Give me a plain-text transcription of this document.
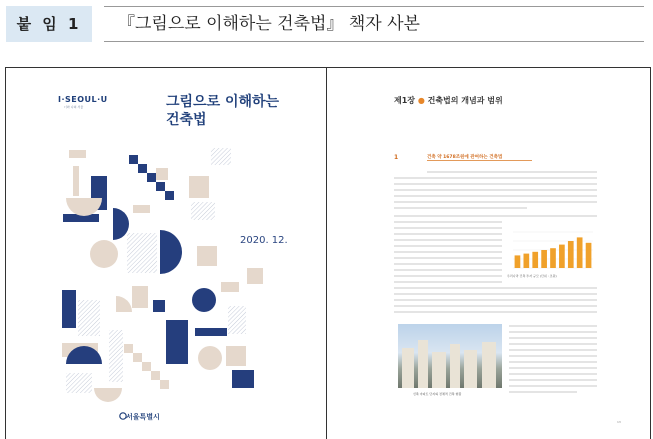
붙 임 1	『그림으로 이해하는 건축법』 책자 사본
I·SEOUL·U
너와 나의 서울	그림으로 이해하는
건축법
2020. 12.
서울특별시
제1장 ● 건축법의 개념과 범위
1	건축 약 1678조원에 관여하는 건축법
우리나라 건축 투자 규모 (단위 : 조원)
신축 아파트 단지의 전체적 건축 현황
13
